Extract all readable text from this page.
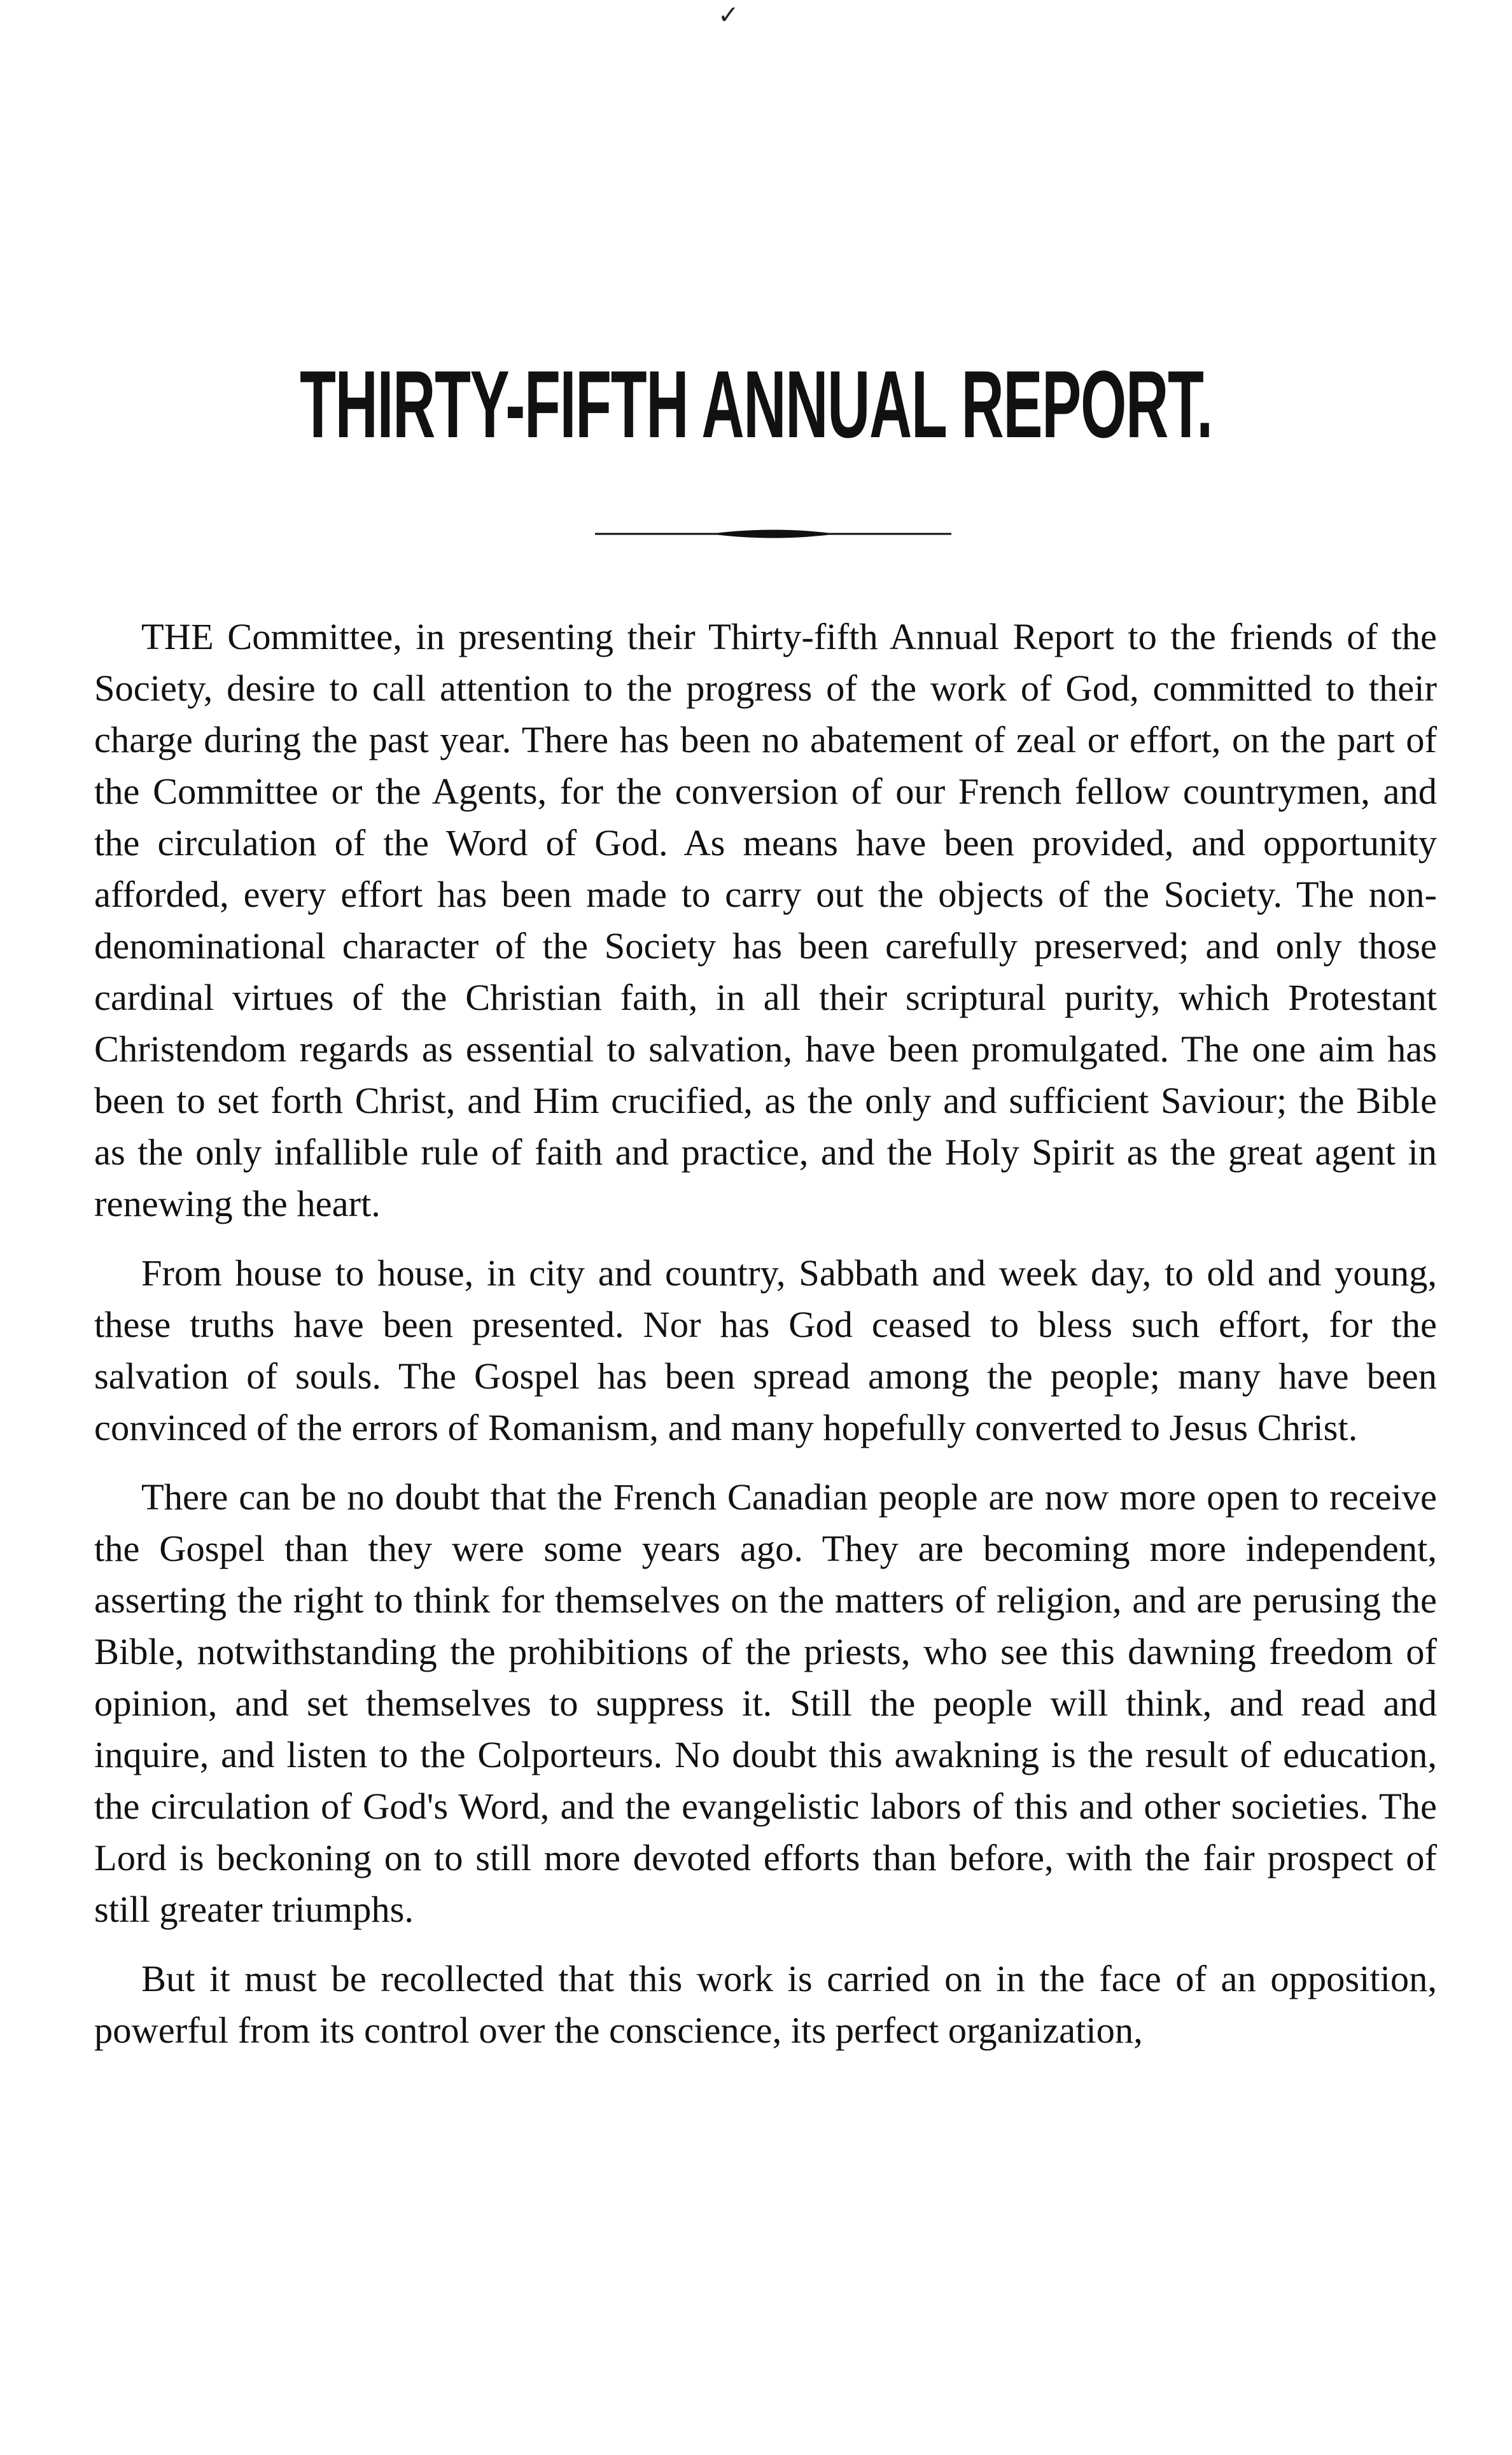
✓
THIRTY-FIFTH ANNUAL REPORT.

THE Committee, in presenting their Thirty-fifth Annual Report to the friends of the Society, desire to call attention to the progress of the work of God, committed to their charge during the past year. There has been no abatement of zeal or effort, on the part of the Committee or the Agents, for the conversion of our French fellow countrymen, and the circulation of the Word of God. As means have been provided, and opportunity afforded, every effort has been made to carry out the objects of the Society. The non-denominational character of the Society has been carefully preserved; and only those cardinal virtues of the Christian faith, in all their scriptural purity, which Protestant Christendom regards as essential to salvation, have been promulgated. The one aim has been to set forth Christ, and Him crucified, as the only and sufficient Saviour; the Bible as the only infallible rule of faith and practice, and the Holy Spirit as the great agent in renewing the heart.

From house to house, in city and country, Sabbath and week day, to old and young, these truths have been presented. Nor has God ceased to bless such effort, for the salvation of souls. The Gospel has been spread among the people; many have been convinced of the errors of Romanism, and many hopefully converted to Jesus Christ.

There can be no doubt that the French Canadian people are now more open to receive the Gospel than they were some years ago. They are becoming more independent, asserting the right to think for themselves on the matters of religion, and are perusing the Bible, notwithstanding the prohibitions of the priests, who see this dawning freedom of opinion, and set themselves to suppress it. Still the people will think, and read and inquire, and listen to the Colporteurs. No doubt this awakning is the result of education, the circulation of God's Word, and the evangelistic labors of this and other societies. The Lord is beckoning on to still more devoted efforts than before, with the fair prospect of still greater triumphs.

But it must be recollected that this work is carried on in the face of an opposition, powerful from its control over the conscience, its perfect organization,
